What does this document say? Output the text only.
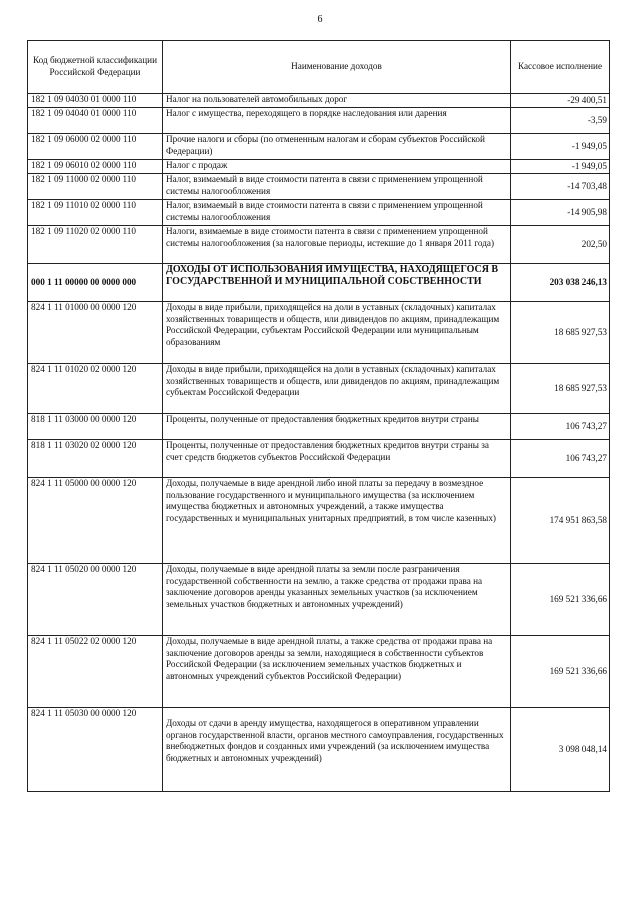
6
Код бюджетной классификации Российской Федерации	Наименование доходов	Кассовое исполнение
182 1 09 04030 01 0000 110	Налог на пользователей автомобильных дорог	-29 400,51
182 1 09 04040 01 0000 110	Налог с имущества, переходящего в порядке наследования или дарения	-3,59
182 1 09 06000 02 0000 110	Прочие налоги и сборы (по отмененным налогам и сборам субъектов Российской Федерации)	-1 949,05
182 1 09 06010 02 0000 110	Налог с продаж	-1 949,05
182 1 09 11000 02 0000 110	Налог, взимаемый в виде стоимости патента в связи с применением упрощенной системы налогообложения	-14 703,48
182 1 09 11010 02 0000 110	Налог, взимаемый в виде стоимости патента в связи с применением упрощенной системы налогообложения	-14 905,98
182 1 09 11020 02 0000 110	Налоги, взимаемые в виде стоимости патента в связи с применением упрощенной системы налогообложения (за налоговые периоды, истекшие до 1 января 2011 года)	202,50
000 1 11 00000 00 0000 000	ДОХОДЫ ОТ ИСПОЛЬЗОВАНИЯ ИМУЩЕСТВА, НАХОДЯЩЕГОСЯ В ГОСУДАРСТВЕННОЙ И МУНИЦИПАЛЬНОЙ СОБСТВЕННОСТИ	203 038 246,13
824 1 11 01000 00 0000 120	Доходы в виде прибыли, приходящейся на доли в уставных (складочных) капиталах хозяйственных товариществ и обществ, или дивидендов по акциям, принадлежащим Российской Федерации, субъектам Российской Федерации или муниципальным образованиям	18 685 927,53
824 1 11 01020 02 0000 120	Доходы в виде прибыли, приходящейся на доли в уставных (складочных) капиталах хозяйственных товариществ и обществ, или дивидендов по акциям, принадлежащим субъектам Российской Федерации	18 685 927,53
818 1 11 03000 00 0000 120	Проценты, полученные от предоставления бюджетных кредитов внутри страны	106 743,27
818 1 11 03020 02 0000 120	Проценты, полученные от предоставления бюджетных кредитов внутри страны за счет средств бюджетов субъектов Российской Федерации	106 743,27
824 1 11 05000 00 0000 120	Доходы, получаемые в виде арендной либо иной платы за передачу в возмездное пользование государственного и муниципального имущества (за исключением имущества бюджетных и автономных учреждений, а также имущества государственных и муниципальных унитарных предприятий, в том числе казенных)	174 951 863,58
824 1 11 05020 00 0000 120	Доходы, получаемые в виде арендной платы за земли после разграничения государственной собственности на землю, а также средства от продажи права на заключение договоров аренды указанных земельных участков (за исключением земельных участков бюджетных и автономных учреждений)	169 521 336,66
824 1 11 05022 02 0000 120	Доходы, получаемые в виде арендной платы, а также средства от продажи права на заключение договоров аренды за земли, находящиеся в собственности субъектов Российской Федерации (за исключением земельных участков бюджетных и автономных учреждений субъектов Российской Федерации)	169 521 336,66
824 1 11 05030 00 0000 120	Доходы от сдачи в аренду имущества, находящегося в оперативном управлении органов государственной власти, органов местного самоуправления, государственных внебюджетных фондов и созданных ими учреждений (за исключением имущества бюджетных и автономных учреждений)	3 098 048,14
